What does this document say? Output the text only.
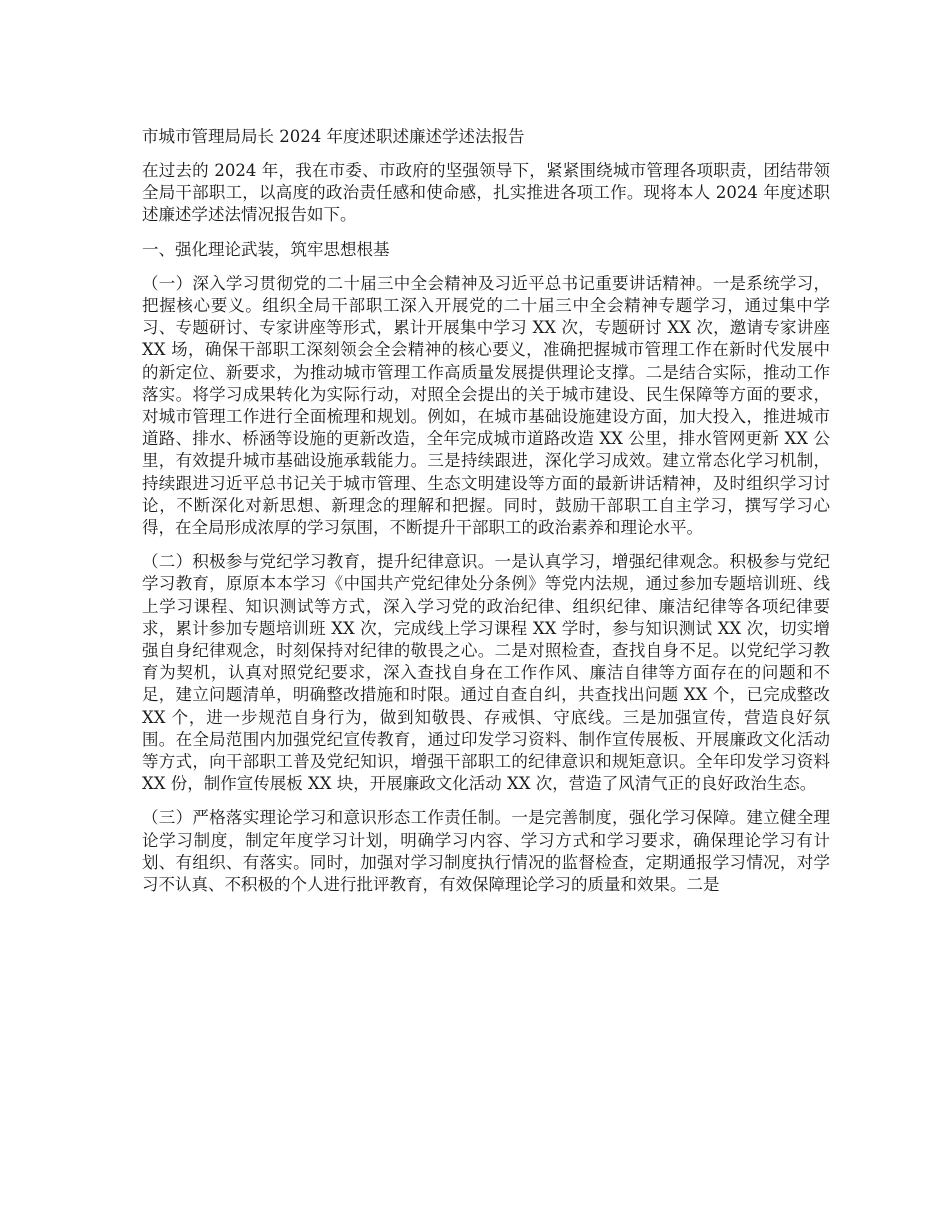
市城市管理局局长 2024 年度述职述廉述学述法报告

在过去的 2024 年，我在市委、市政府的坚强领导下，紧紧围绕城市管理各项职责，团结带领全局干部职工，以高度的政治责任感和使命感，扎实推进各项工作。现将本人 2024 年度述职述廉述学述法情况报告如下。

一、强化理论武装，筑牢思想根基

（一）深入学习贯彻党的二十届三中全会精神及习近平总书记重要讲话精神。一是系统学习，把握核心要义。组织全局干部职工深入开展党的二十届三中全会精神专题学习，通过集中学习、专题研讨、专家讲座等形式，累计开展集中学习 XX 次，专题研讨 XX 次，邀请专家讲座 XX 场，确保干部职工深刻领会全会精神的核心要义，准确把握城市管理工作在新时代发展中的新定位、新要求，为推动城市管理工作高质量发展提供理论支撑。二是结合实际，推动工作落实。将学习成果转化为实际行动，对照全会提出的关于城市建设、民生保障等方面的要求，对城市管理工作进行全面梳理和规划。例如，在城市基础设施建设方面，加大投入，推进城市道路、排水、桥涵等设施的更新改造，全年完成城市道路改造 XX 公里，排水管网更新 XX 公里，有效提升城市基础设施承载能力。三是持续跟进，深化学习成效。建立常态化学习机制，持续跟进习近平总书记关于城市管理、生态文明建设等方面的最新讲话精神，及时组织学习讨论，不断深化对新思想、新理念的理解和把握。同时，鼓励干部职工自主学习，撰写学习心得，在全局形成浓厚的学习氛围，不断提升干部职工的政治素养和理论水平。

（二）积极参与党纪学习教育，提升纪律意识。一是认真学习，增强纪律观念。积极参与党纪学习教育，原原本本学习《中国共产党纪律处分条例》等党内法规，通过参加专题培训班、线上学习课程、知识测试等方式，深入学习党的政治纪律、组织纪律、廉洁纪律等各项纪律要求，累计参加专题培训班 XX 次，完成线上学习课程 XX 学时，参与知识测试 XX 次，切实增强自身纪律观念，时刻保持对纪律的敬畏之心。二是对照检查，查找自身不足。以党纪学习教育为契机，认真对照党纪要求，深入查找自身在工作作风、廉洁自律等方面存在的问题和不足，建立问题清单，明确整改措施和时限。通过自查自纠，共查找出问题 XX 个，已完成整改 XX 个，进一步规范自身行为，做到知敬畏、存戒惧、守底线。三是加强宣传，营造良好氛围。在全局范围内加强党纪宣传教育，通过印发学习资料、制作宣传展板、开展廉政文化活动等方式，向干部职工普及党纪知识，增强干部职工的纪律意识和规矩意识。全年印发学习资料 XX 份，制作宣传展板 XX 块，开展廉政文化活动 XX 次，营造了风清气正的良好政治生态。

（三）严格落实理论学习和意识形态工作责任制。一是完善制度，强化学习保障。建立健全理论学习制度，制定年度学习计划，明确学习内容、学习方式和学习要求，确保理论学习有计划、有组织、有落实。同时，加强对学习制度执行情况的监督检查，定期通报学习情况，对学习不认真、不积极的个人进行批评教育，有效保障理论学习的质量和效果。二是
